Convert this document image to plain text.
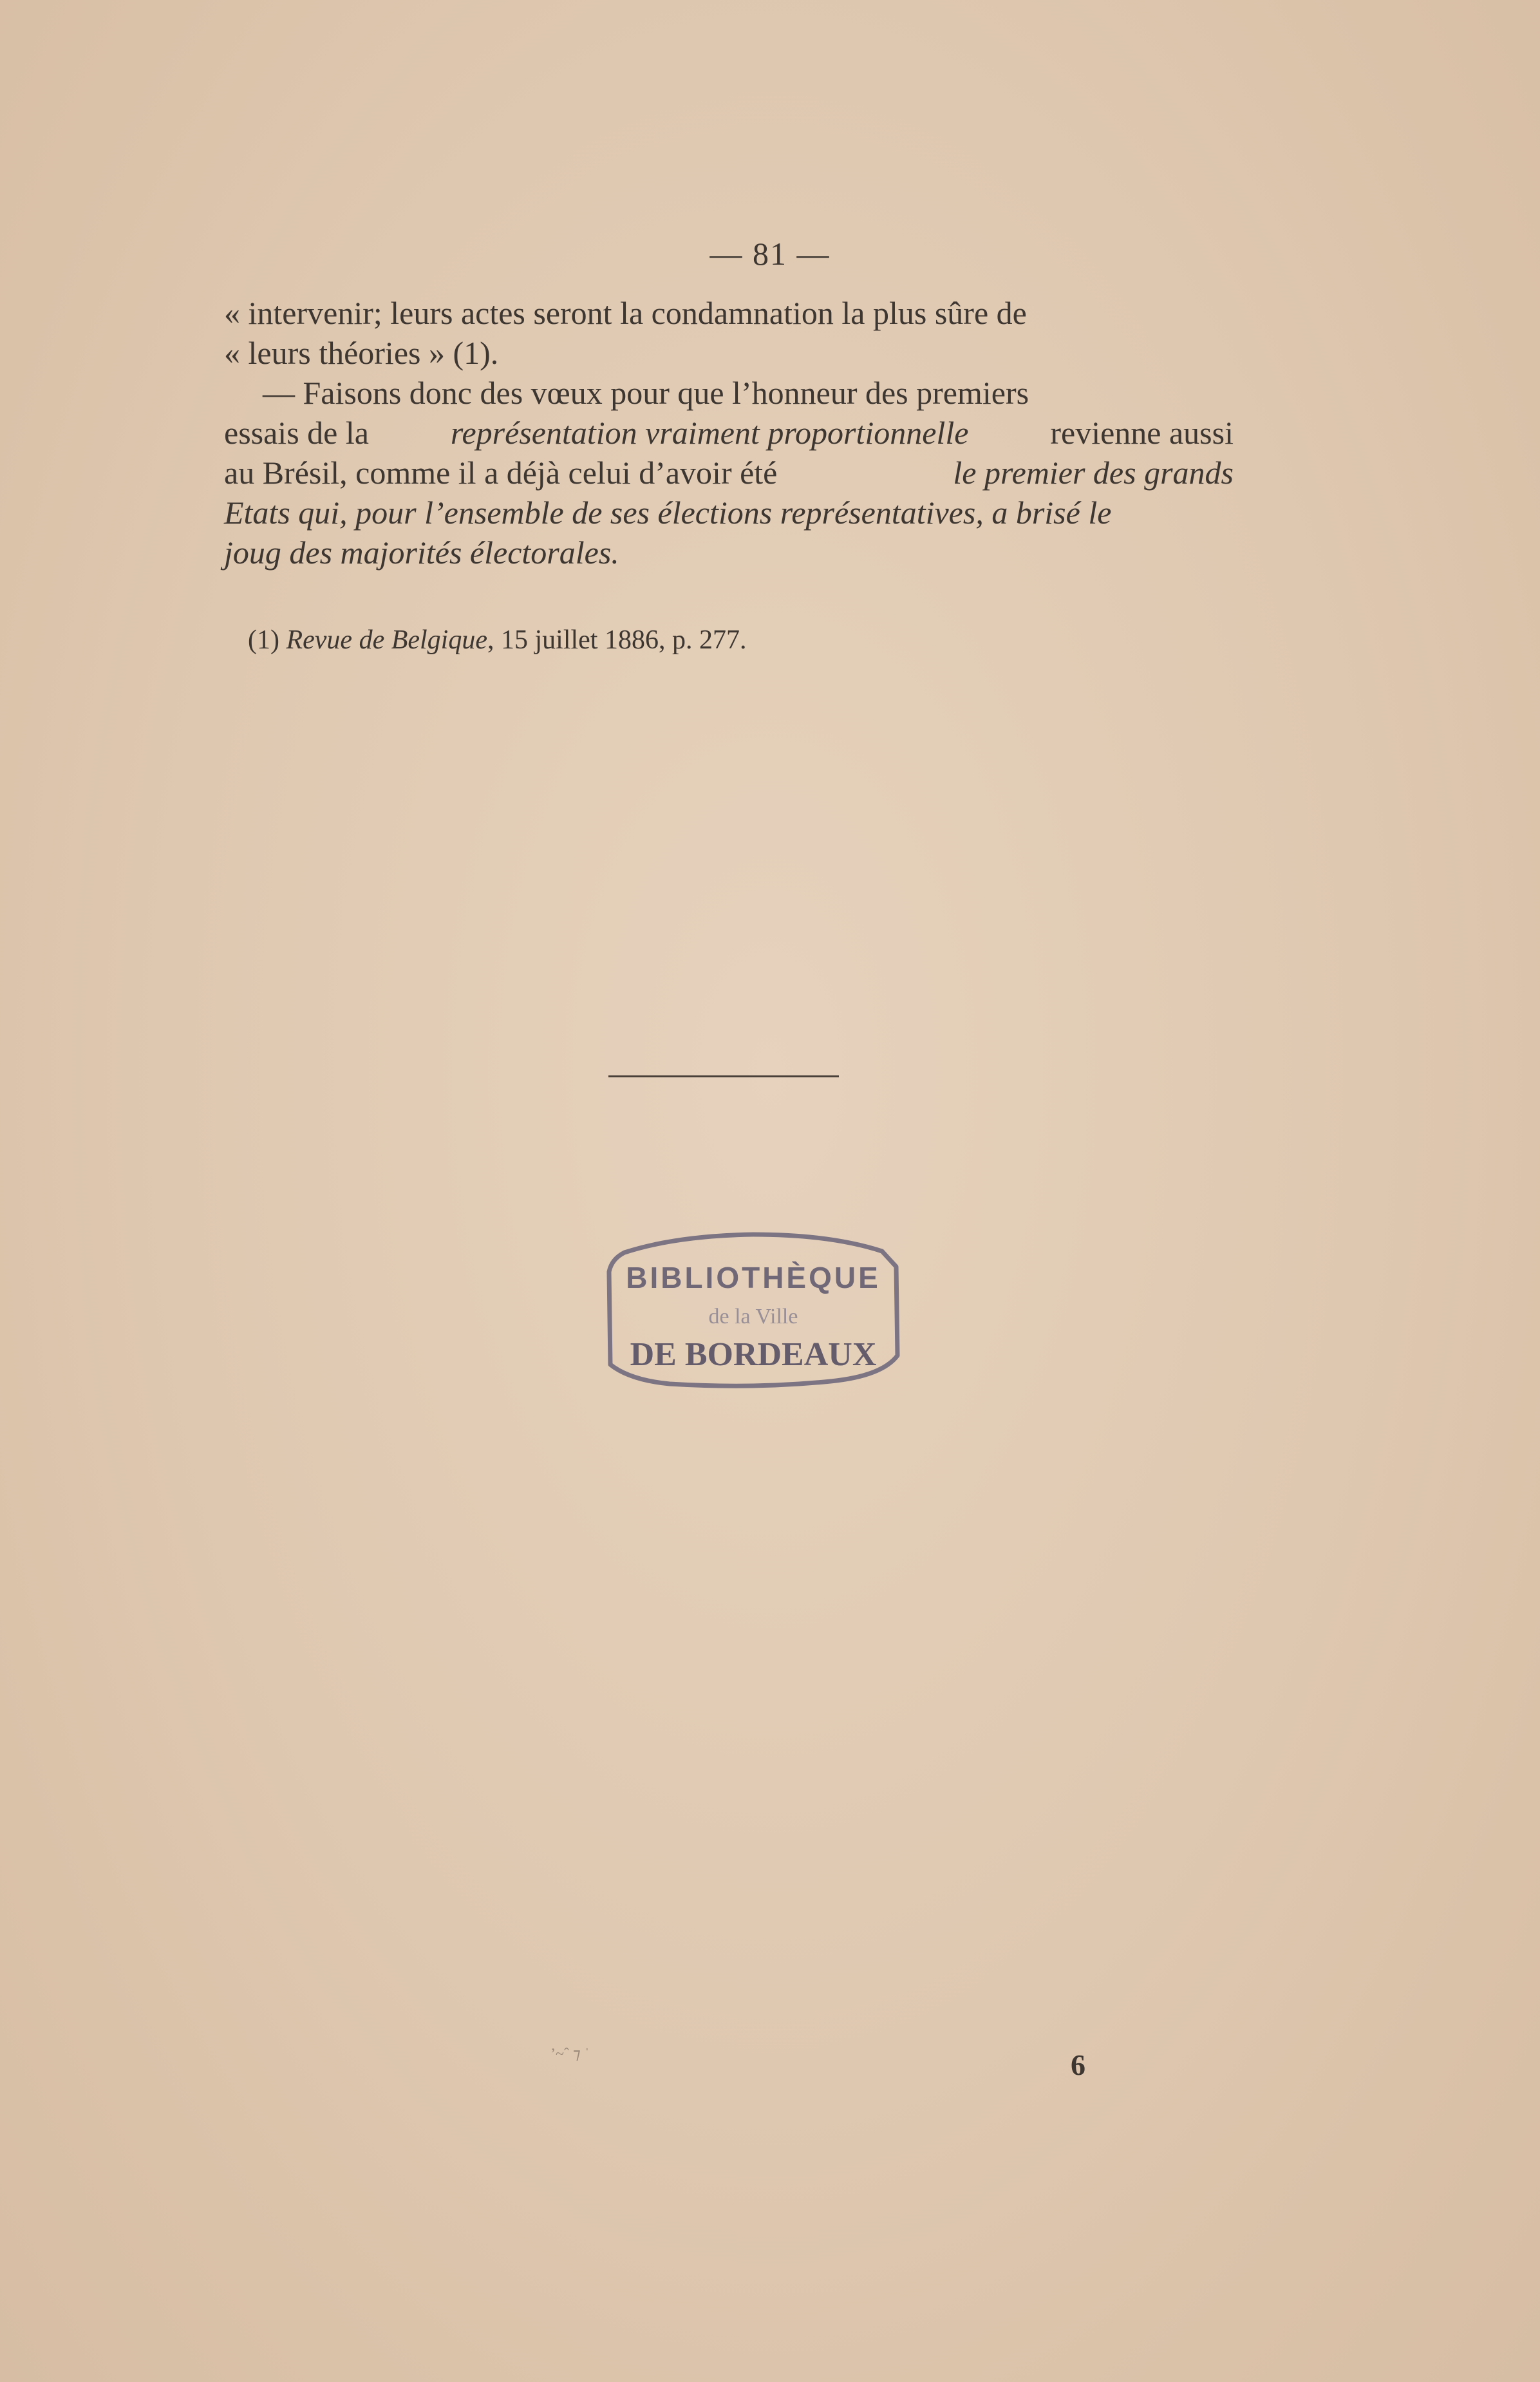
— 81 —
« intervenir; leurs actes seront la condamnation la plus sûre de
« leurs théories » (1).
— Faisons donc des vœux pour que l’honneur des premiers
essais de la	représentation vraiment proportionnelle	revienne aussi
au Brésil, comme il a déjà celui d’avoir été	le premier des grands
Etats qui, pour l’ensemble de ses élections représentatives, a brisé le
joug des majorités électorales.
(1) Revue de Belgique, 15 juillet 1886, p. 277.
BIBLIOTHÈQUE
de la Ville
DE BORDEAUX
ʼ~ˆ ⁊ ˈ	6
